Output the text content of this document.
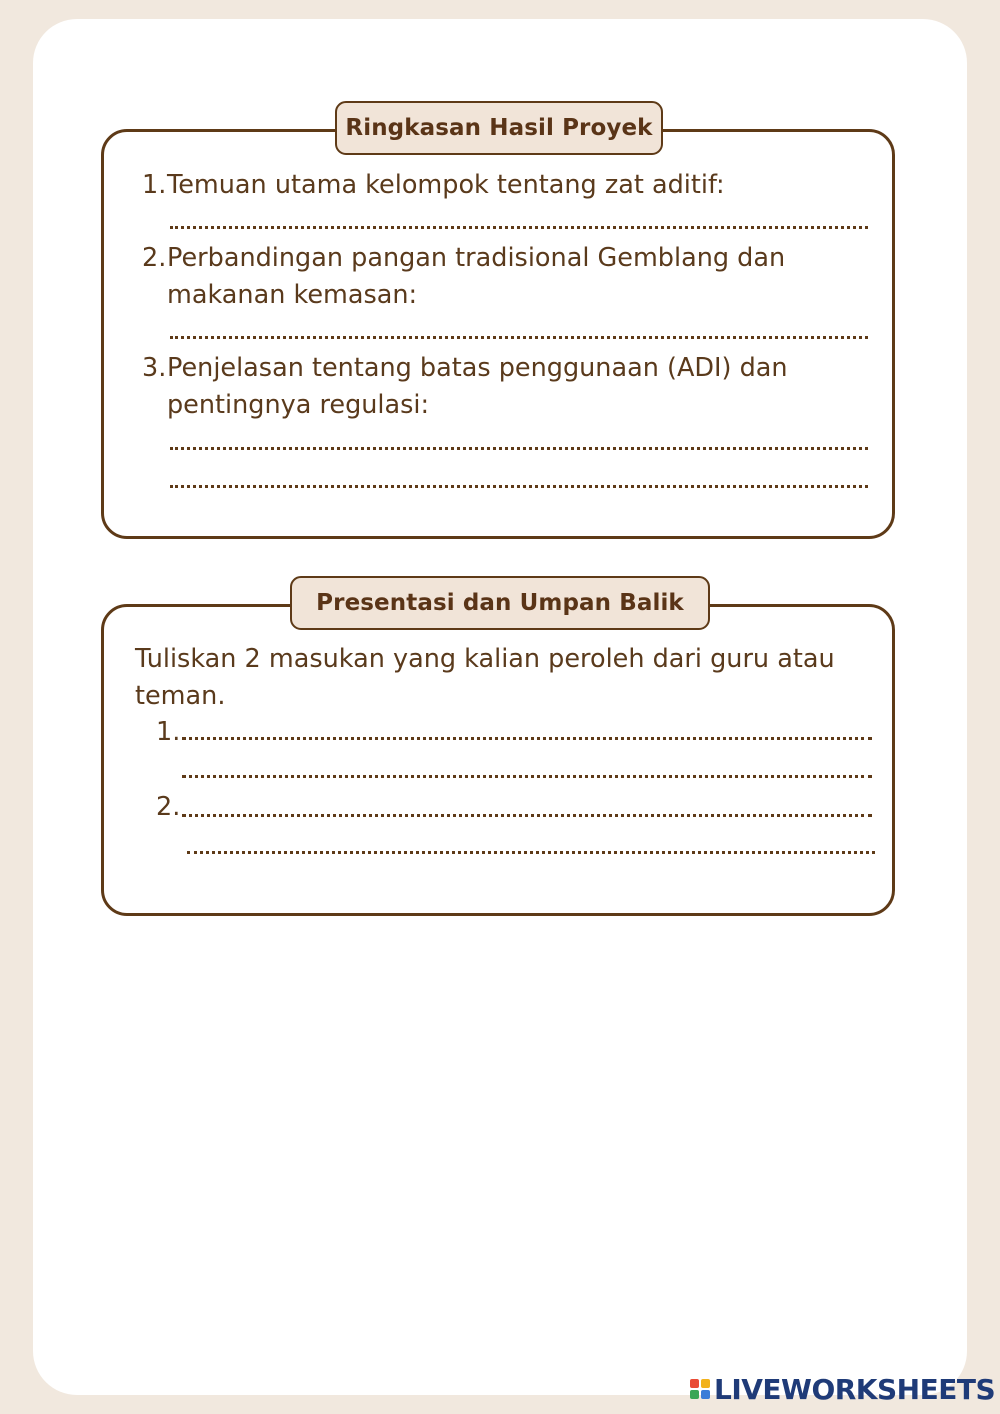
Ringkasan Hasil Proyek
1. Temuan utama kelompok tentang zat aditif:
2. Perbandingan pangan tradisional Gemblang dan
makanan kemasan:
3. Penjelasan tentang batas penggunaan (ADI) dan
pentingnya regulasi:
Presentasi dan Umpan Balik
Tuliskan 2 masukan yang kalian peroleh dari guru atau
teman.
1.
2.
LIVEWORKSHEETS
